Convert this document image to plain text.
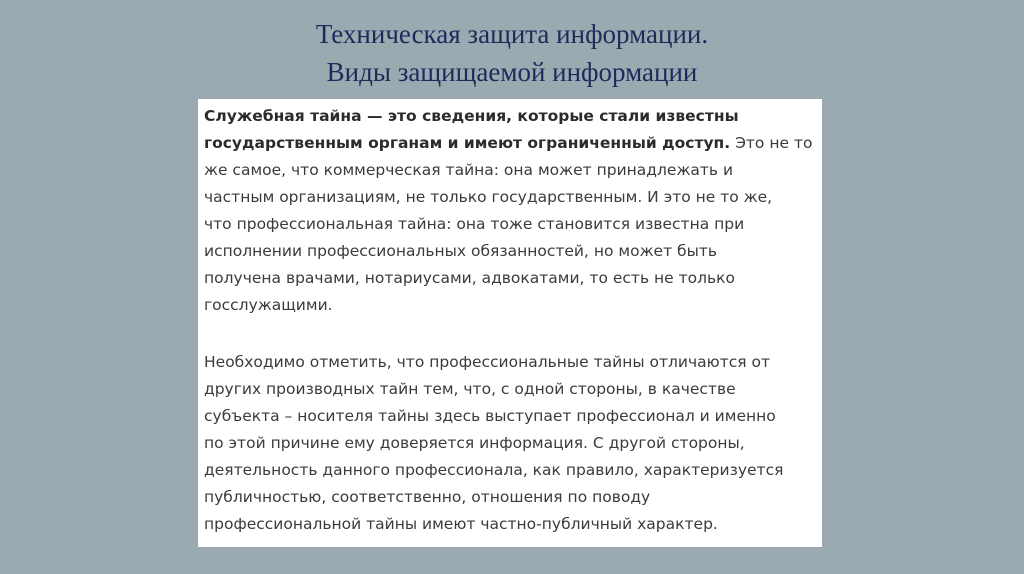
Техническая защита информации.
Виды защищаемой информации

Служебная тайна — это сведения, которые стали известны
государственным органам и имеют ограниченный доступ. Это не то
же самое, что коммерческая тайна: она может принадлежать и
частным организациям, не только государственным. И это не то же,
что профессиональная тайна: она тоже становится известна при
исполнении профессиональных обязанностей, но может быть
получена врачами, нотариусами, адвокатами, то есть не только
госслужащими.

Необходимо отметить, что профессиональные тайны отличаются от
других производных тайн тем, что, с одной стороны, в качестве
субъекта – носителя тайны здесь выступает профессионал и именно
по этой причине ему доверяется информация. С другой стороны,
деятельность данного профессионала, как правило, характеризуется
публичностью, соответственно, отношения по поводу
профессиональной тайны имеют частно-публичный характер.
